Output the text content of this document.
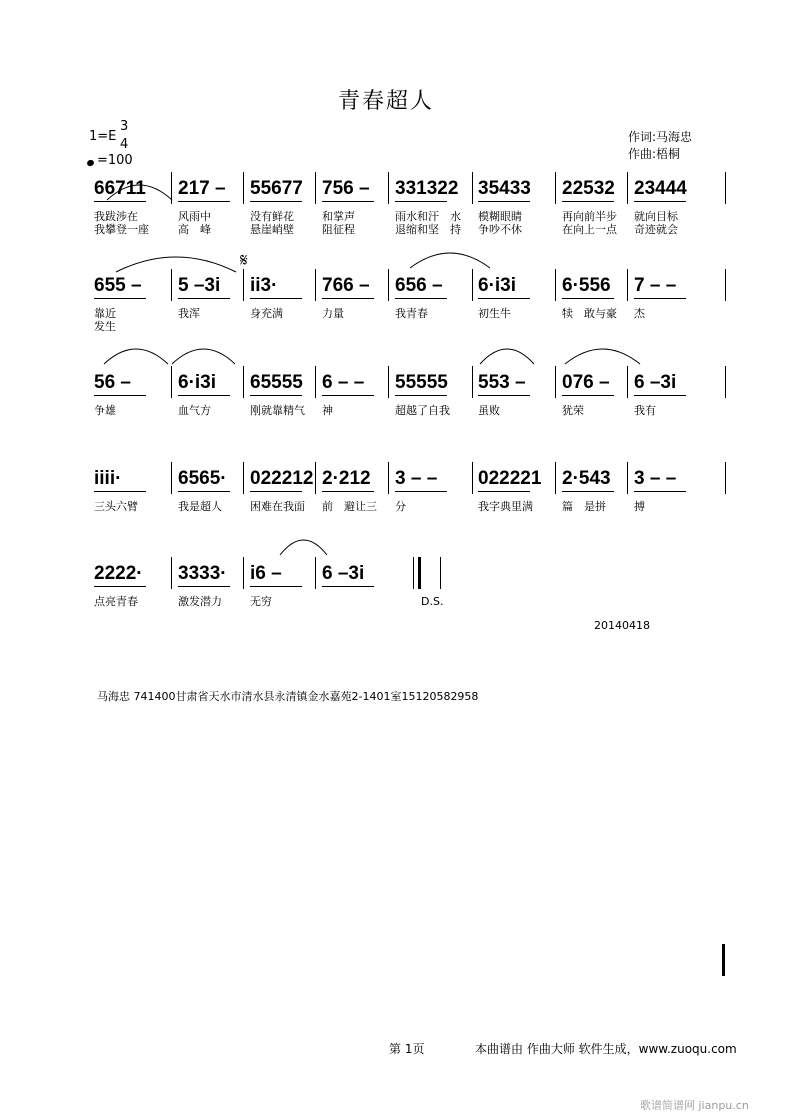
青春超人
1=E
3
4
=100
作词:马海忠
作曲:梧桐
66711
我跋涉在
我攀登一座
217 –
风雨中
高　峰
55677
没有鲜花
悬崖峭壁
756 –
和掌声
阻征程
331322
雨水和汗　水
退缩和坚　持
35433
模糊眼睛
争吵不休
22532
再向前半步
在向上一点
23444
就向目标
奇迹就会
655 –
靠近
发生
5 –3i
我浑
ii3·
身充满
766 –
力量
656 –
我青春
6·i3i
初生牛
6·556
犊　敢与豪
7 – –
杰
56 –
争雄
6·i3i
血气方
65555
刚就靠精气
6 – –
神
55555
超越了自我
553 –
虽败
076 –
犹荣
6 –3i
我有
iiii·
三头六臂
6565·
我是超人
022212
困难在我面
2·212
前　避让三
3 – –
分
022221
我字典里满
2·543
篇　是拼
3 – –
搏
2222·
点亮青春
3333·
激发潜力
i6 –
无穷
6 –3i
D.S.
𝄋
20140418
马海忠 741400甘肃省天水市清水县永清镇金水嘉苑2-1401室15120582958
第 1页	本曲谱由 作曲大师 软件生成，www.zuoqu.com
歌谱简谱网 jianpu.cn
